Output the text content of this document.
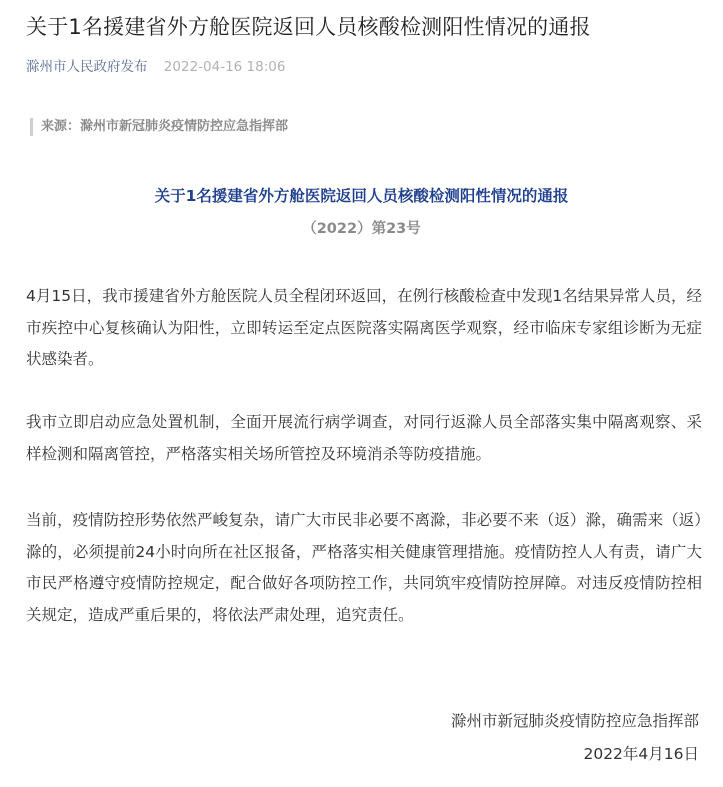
关于1名援建省外方舱医院返回人员核酸检测阳性情况的通报
滁州市人民政府发布 2022-04-16 18:06
来源：滁州市新冠肺炎疫情防控应急指挥部
关于1名援建省外方舱医院返回人员核酸检测阳性情况的通报
（2022）第23号

4月15日，我市援建省外方舱医院人员全程闭环返回，在例行核酸检查中发现1名结果异常人员，经市疾控中心复核确认为阳性，立即转运至定点医院落实隔离医学观察，经市临床专家组诊断为无症状感染者。

我市立即启动应急处置机制，全面开展流行病学调查，对同行返滁人员全部落实集中隔离观察、采样检测和隔离管控，严格落实相关场所管控及环境消杀等防疫措施。

当前，疫情防控形势依然严峻复杂，请广大市民非必要不离滁，非必要不来（返）滁，确需来（返）滁的，必须提前24小时向所在社区报备，严格落实相关健康管理措施。疫情防控人人有责，请广大市民严格遵守疫情防控规定，配合做好各项防控工作，共同筑牢疫情防控屏障。对违反疫情防控相关规定，造成严重后果的，将依法严肃处理，追究责任。

滁州市新冠肺炎疫情防控应急指挥部
2022年4月16日
